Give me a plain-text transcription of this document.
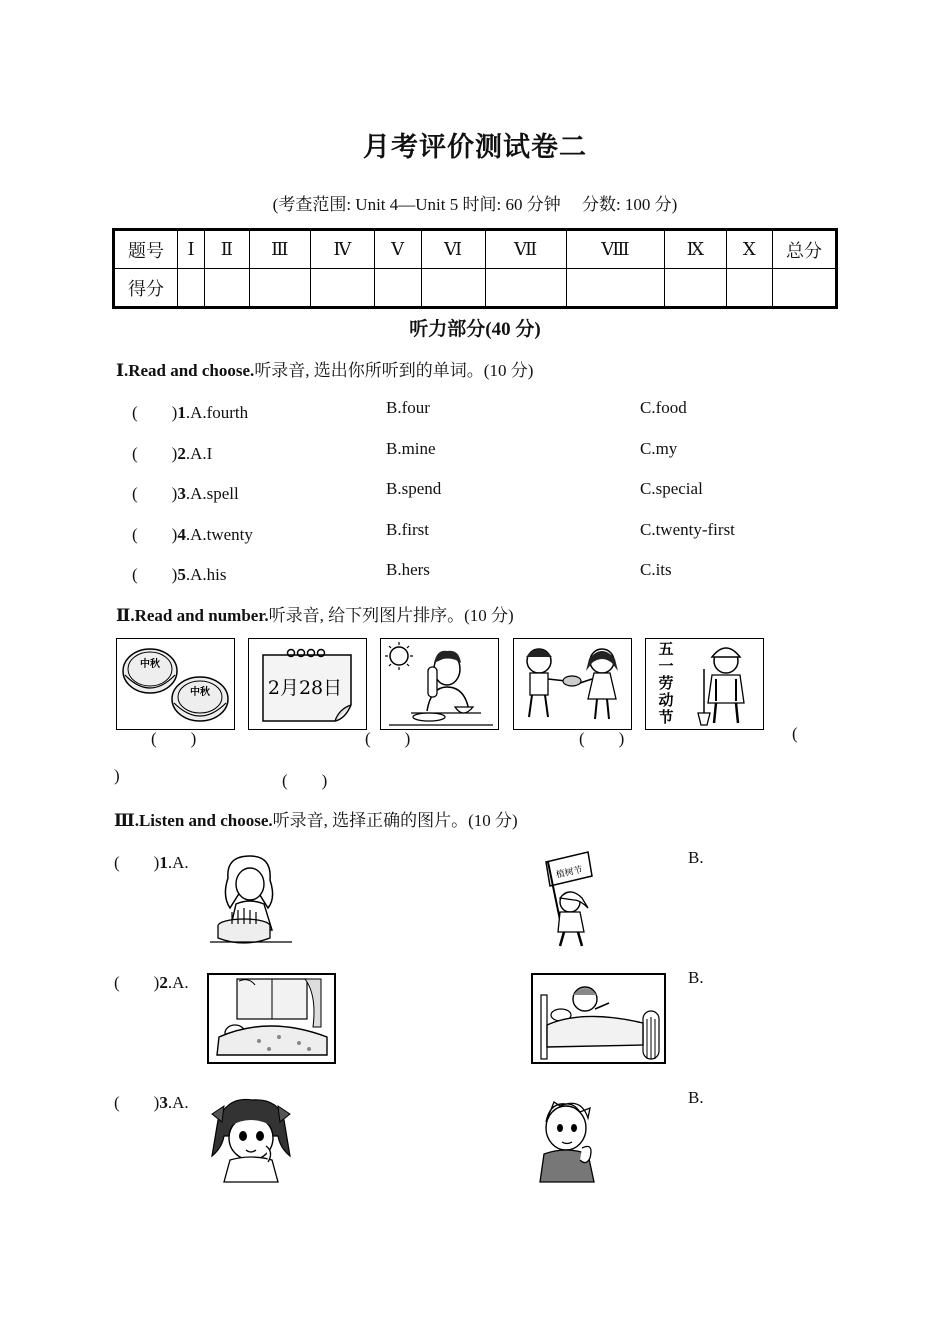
月考评价测试卷二
(考查范围: Unit 4—Unit 5 时间: 60 分钟　 分数: 100 分)
题号	Ⅰ	Ⅱ	Ⅲ	Ⅳ	Ⅴ	Ⅵ	Ⅶ	Ⅷ	Ⅸ	Ⅹ	总分
得分											
听力部分(40 分)
Ⅰ.Read and choose.听录音, 选出你所听到的单词。(10 分)
(　　)1.A.fourth	B.four	C.food
(　　)2.A.I	B.mine	C.my
(　　)3.A.spell	B.spend	C.special
(　　)4.A.twenty	B.first	C.twenty-first
(　　)5.A.his	B.hers	C.its
Ⅱ.Read and number.听录音, 给下列图片排序。(10 分)
中秋
中秋	2月28日
五
一
劳
动
节
(　　)	(　　)	(　　)	(
)	(　　)
Ⅲ.Listen and choose.听录音, 选择正确的图片。(10 分)
(　　)1.A.	B.
植树节
(　　)2.A.	B.
(　　)3.A.	B.
